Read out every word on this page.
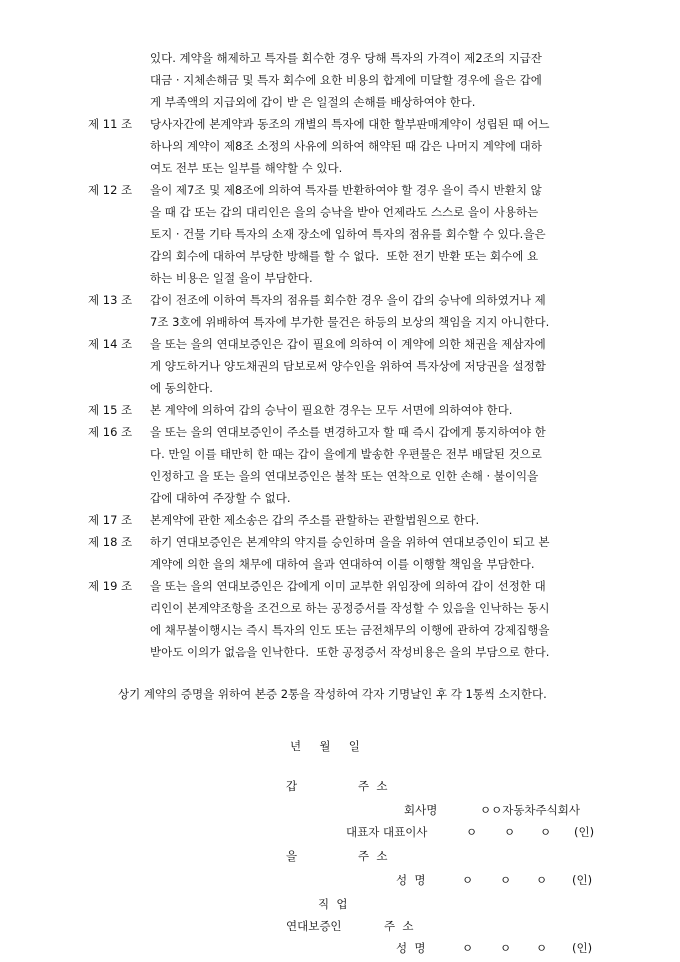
있다. 계약을 해제하고 특자를 회수한 경우 당해 특자의 가격이 제2조의 지급잔
대금 · 지체손해금 및 특자 회수에 요한 비용의 합계에 미달할 경우에 을은 갑에
게 부족액의 지급외에 갑이 받 은 일절의 손해를 배상하여야 한다.
제 11 조 당사자간에 본계약과 동조의 개별의 특자에 대한 할부판매계약이 성립된 때 어느
하나의 계약이 제8조 소정의 사유에 의하여 해약된 때 갑은 나머지 계약에 대하
여도 전부 또는 일부를 해약할 수 있다.
제 12 조 을이 제7조 및 제8조에 의하여 특자를 반환하여야 할 경우 을이 즉시 반환치 않
을 때 갑 또는 갑의 대리인은 을의 승낙을 받아 언제라도 스스로 을이 사용하는
토지 · 건물 기타 특자의 소재 장소에 입하여 특자의 점유를 회수할 수 있다.을은
갑의 회수에 대하여 부당한 방해를 할 수 없다.  또한 전기 반환 또는 회수에 요
하는 비용은 일절 을이 부담한다.
제 13 조 갑이 전조에 이하여 특자의 점유를 회수한 경우 을이 갑의 승낙에 의하였거나 제
7조 3호에 위배하여 특자에 부가한 물건은 하등의 보상의 책임을 지지 아니한다.
제 14 조 을 또는 을의 연대보증인은 갑이 필요에 의하여 이 계약에 의한 채권을 제삼자에
게 양도하거나 양도채권의 담보로써 양수인을 위하여 특자상에 저당권을 설정함
에 동의한다.
제 15 조 본 계약에 의하여 갑의 승낙이 필요한 경우는 모두 서면에 의하여야 한다.
제 16 조 을 또는 을의 연대보증인이 주소를 변경하고자 할 때 즉시 갑에게 통지하여야 한
다. 만일 이를 태만히 한 때는 갑이 을에게 발송한 우편물은 전부 배달된 것으로
인정하고 을 또는 을의 연대보증인은 불착 또는 연착으로 인한 손해 · 불이익을
갑에 대하여 주장할 수 없다.
제 17 조 본계약에 관한 제소송은 갑의 주소를 관할하는 관할법원으로 한다.
제 18 조 하기 연대보증인은 본계약의 약지를 승인하며 을을 위하여 연대보증인이 되고 본
계약에 의한 을의 채무에 대하여 을과 연대하여 이를 이행할 책임을 부담한다.
제 19 조 을 또는 을의 연대보증인은 갑에게 이미 교부한 위임장에 의하여 갑이 선정한 대
리인이 본계약조항을 조건으로 하는 공정증서를 작성할 수 있음을 인낙하는 동시
에 채무불이행시는 즉시 특자의 인도 또는 금전채무의 이행에 관하여 강제집행을
받아도 이의가 없음을 인낙한다.  또한 공정증서 작성비용은 을의 부담으로 한다.
상기 계약의 증명을 위하여 본증 2통을 작성하여 각자 기명날인 후 각 1통씩 소지한다.
년     월     일
갑	주  소
회사명	ㅇㅇ자동차주식회사
대표자 대표이사	ㅇ ㅇ ㅇ (인)
을	주  소
성  명	ㅇ ㅇ ㅇ (인)
직  업
연대보증인	주  소
성  명	ㅇ ㅇ ㅇ (인)
